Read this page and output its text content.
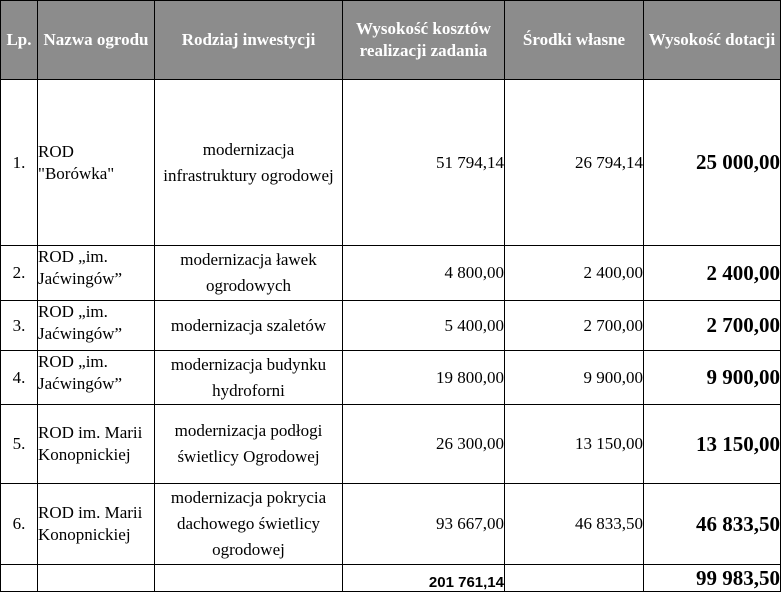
Lp.	Nazwa ogrodu	Rodziaj inwestycji	Wysokość kosztów realizacji zadania	Środki własne	Wysokość dotacji
1.	ROD "Borówka"	modernizacja infrastruktury ogrodowej	51 794,14	26 794,14	25 000,00
2.	ROD „im. Jaćwingów”	modernizacja ławek ogrodowych	4 800,00	2 400,00	2 400,00
3.	ROD „im. Jaćwingów”	modernizacja szaletów	5 400,00	2 700,00	2 700,00
4.	ROD „im. Jaćwingów”	modernizacja budynku hydroforni	19 800,00	9 900,00	9 900,00
5.	ROD im. Marii Konopnickiej	modernizacja podłogi świetlicy Ogrodowej	26 300,00	13 150,00	13 150,00
6.	ROD im. Marii Konopnickiej	modernizacja pokrycia dachowego świetlicy ogrodowej	93 667,00	46 833,50	46 833,50
			201 761,14		99 983,50
